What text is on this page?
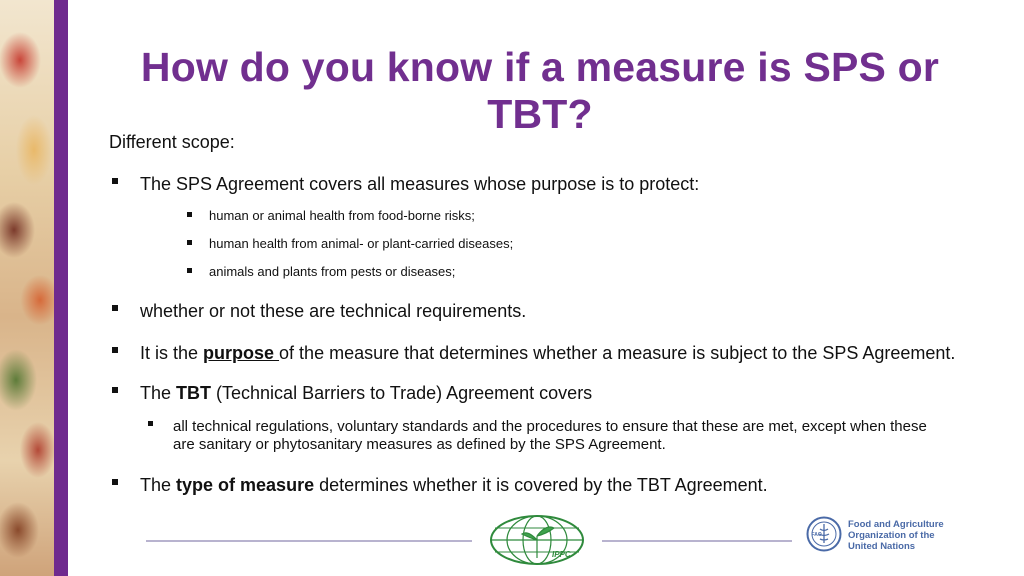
How do you know if a measure is SPS or TBT?
Different scope:
The SPS Agreement covers all measures whose purpose is to protect:
human or animal health from food-borne risks;
human health from animal- or plant-carried diseases;
animals and plants from pests or diseases;
whether or not these are technical requirements.
It is the purpose of the measure that determines whether a measure is subject to the SPS Agreement.
The TBT (Technical Barriers to Trade) Agreement covers
all technical regulations, voluntary standards and the procedures to ensure that these are met, except when these
are sanitary or phytosanitary measures as defined by the SPS Agreement.
The type of measure determines whether it is covered by the TBT Agreement.
IPPC
FAO
Food and Agriculture
Organization of the
United Nations
